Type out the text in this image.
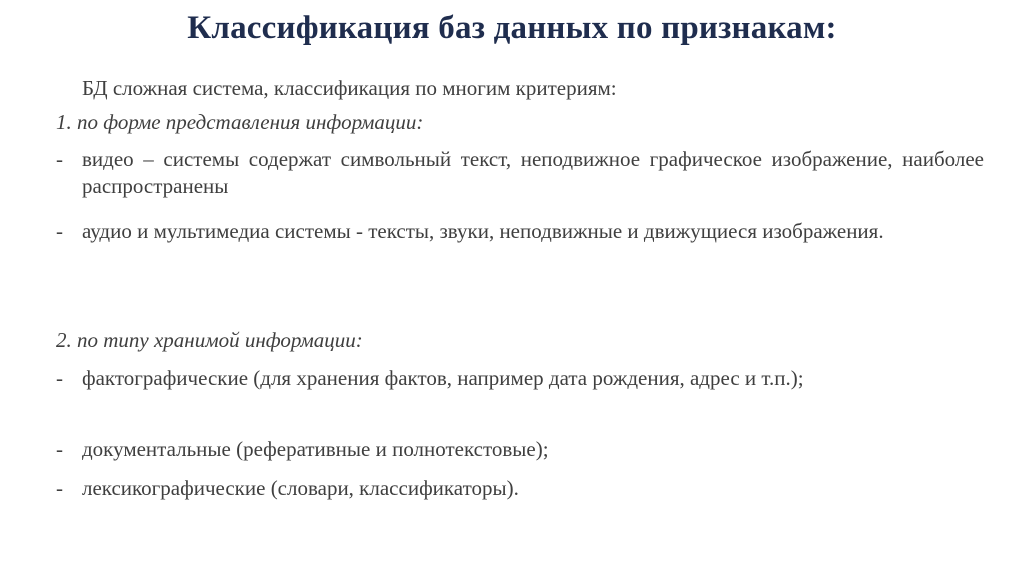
Классификация баз данных по признакам:
БД сложная система, классификация по многим критериям:
1. по форме представления информации:
- видео – системы содержат символьный текст, неподвижное графическое изображение, наиболее распространены
- аудио и мультимедиа системы - тексты, звуки, неподвижные и движущиеся изображения.
2. по типу хранимой информации:
- фактографические (для хранения фактов, например дата рождения, адрес и т.п.);
- документальные (реферативные и полнотекстовые);
- лексикографические (словари, классификаторы).
